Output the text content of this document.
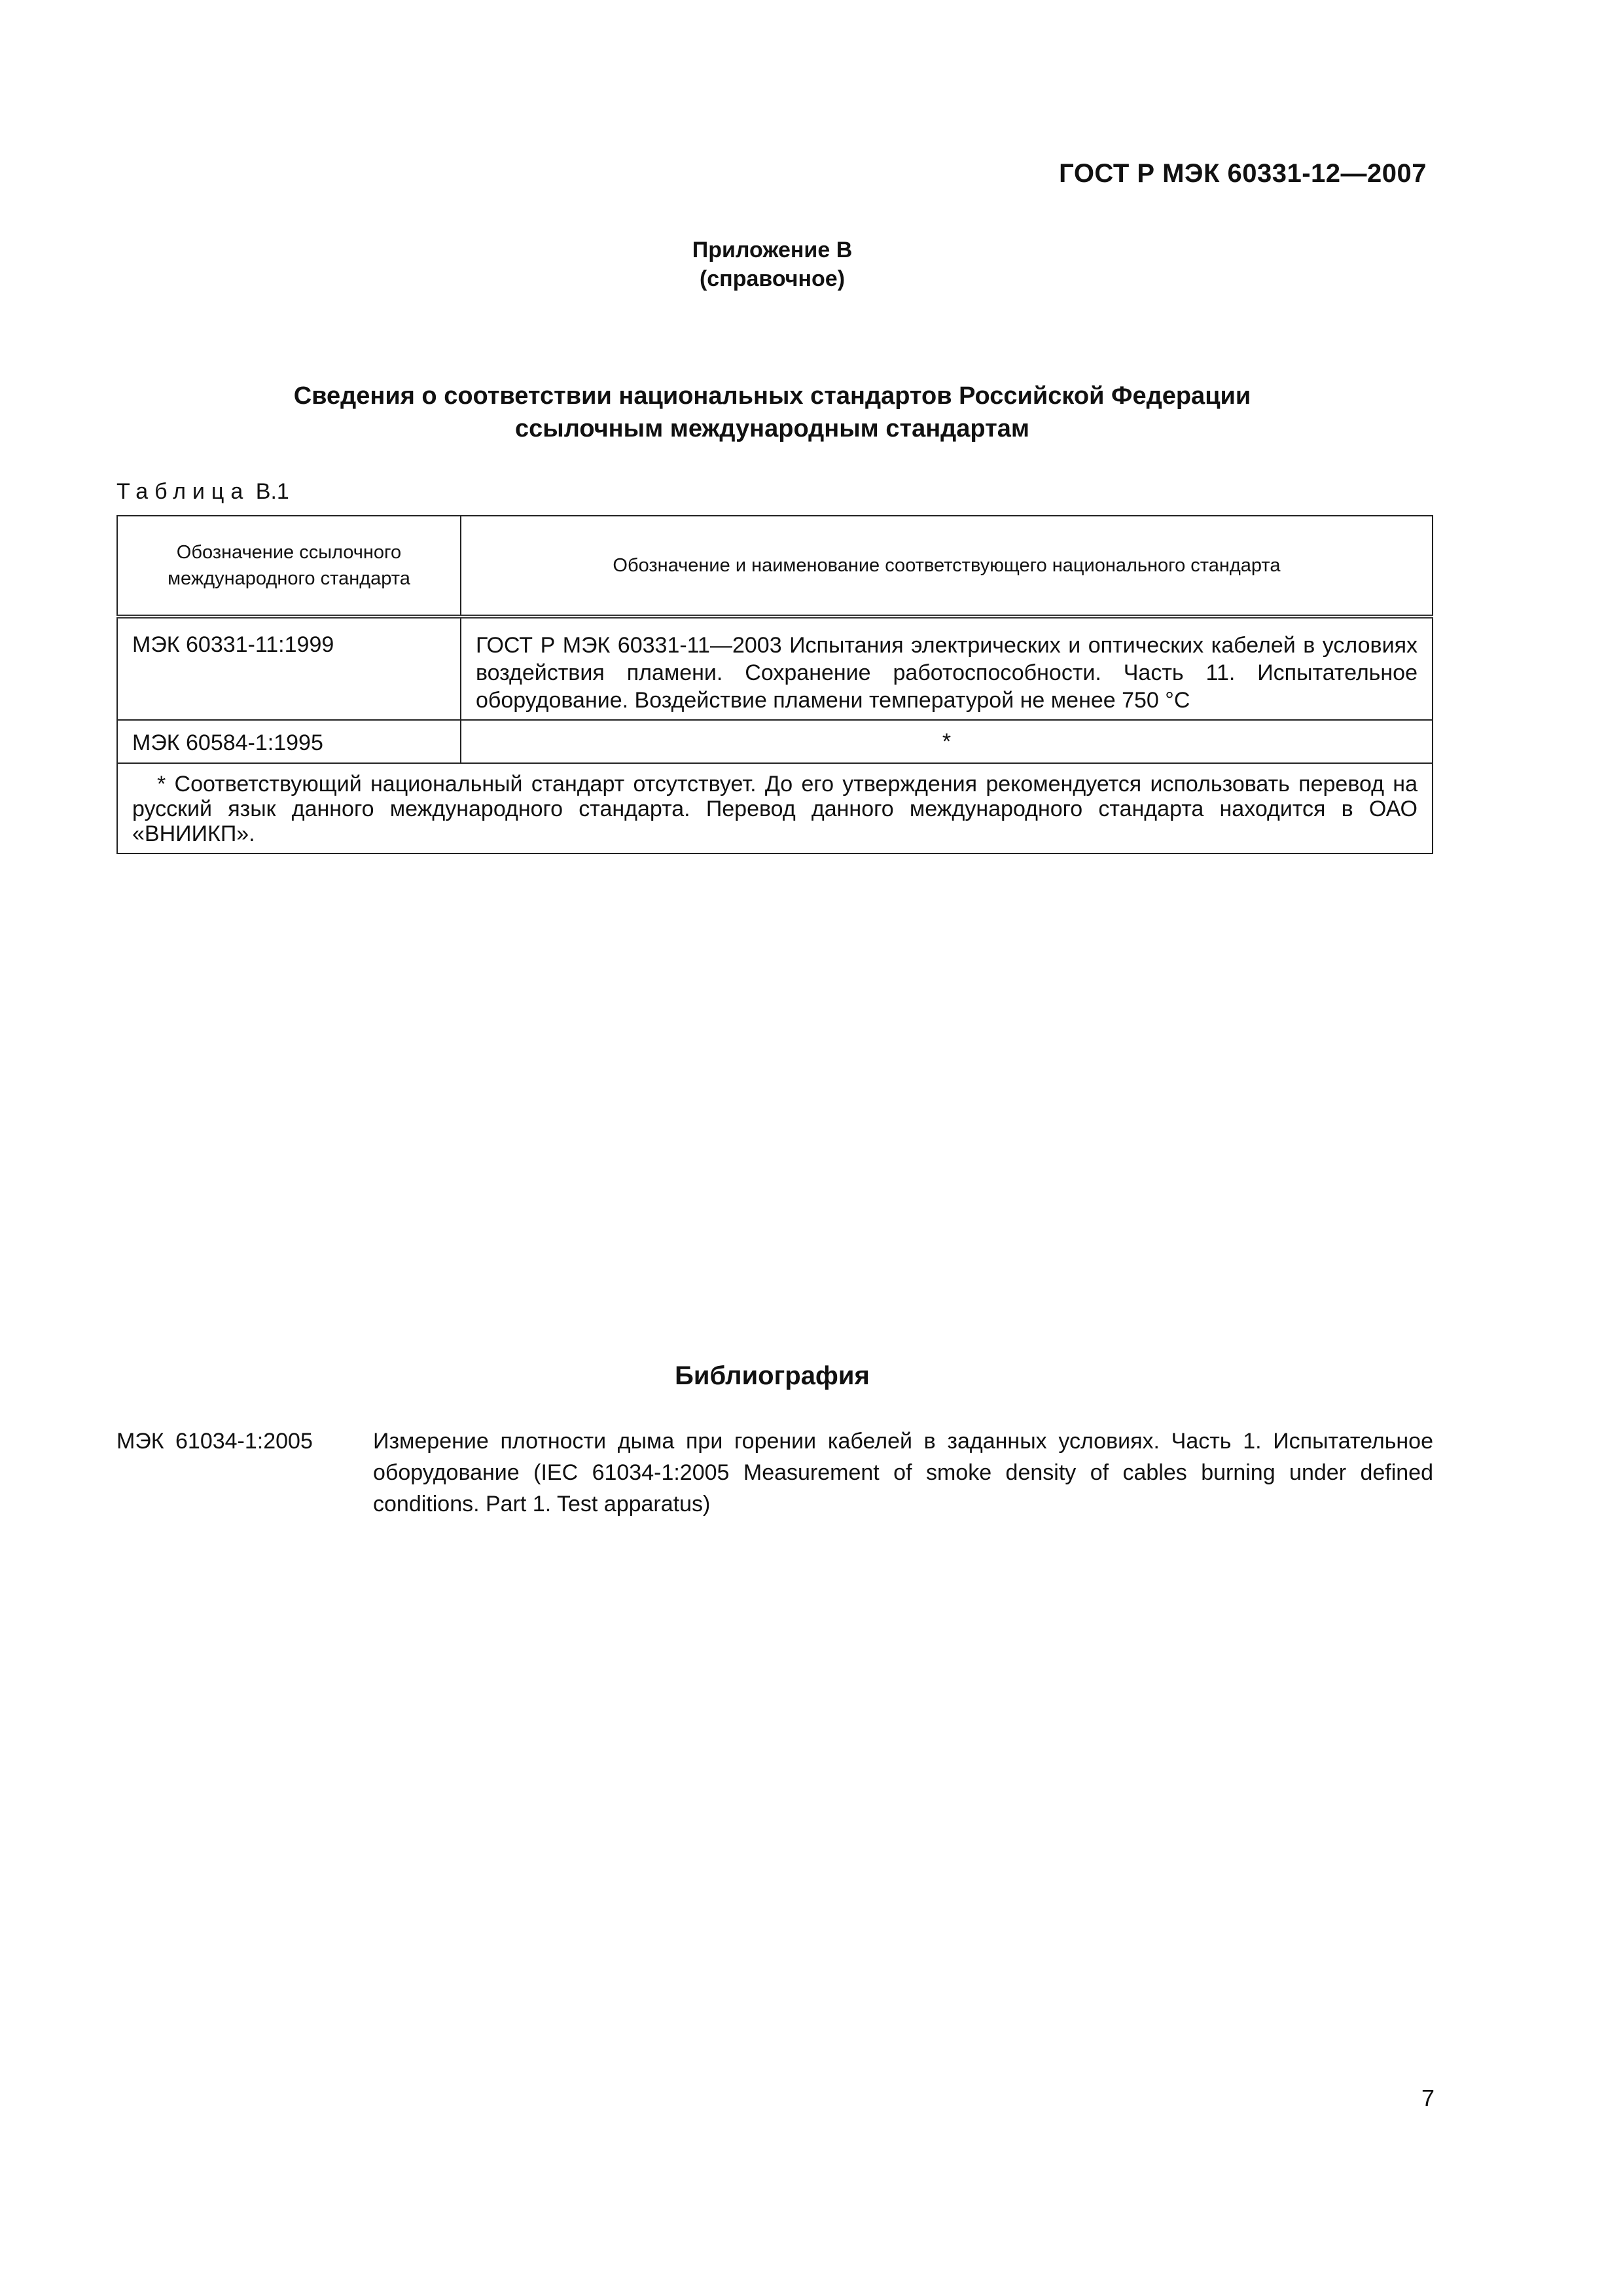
ГОСТ Р МЭК 60331-12—2007
Приложение В
(справочное)
Сведения о соответствии национальных стандартов Российской Федерации
ссылочным международным стандартам
Таблица В.1
Обозначение ссылочного международного стандарта	Обозначение и наименование соответствующего национального стандарта

МЭК 60331-11:1999	ГОСТ Р МЭК 60331-11—2003 Испытания электрических и оптических кабелей в условиях воздействия пламени. Сохранение работоспособности. Часть 11. Испытательное оборудование. Воздействие пламени температурой не менее 750 °С

МЭК 60584-1:1995	*

* Соответствующий национальный стандарт отсутствует. До его утверждения рекомендуется использовать перевод на русский язык данного международного стандарта. Перевод данного международного стандарта находится в ОАО «ВНИИКП».	
Библиография
МЭК 61034-1:2005	Измерение плотности дыма при горении кабелей в заданных условиях. Часть 1. Испытательное оборудование (IEC 61034-1:2005 Measurement of smoke density of cables burning under defined conditions. Part 1. Test apparatus)
7
